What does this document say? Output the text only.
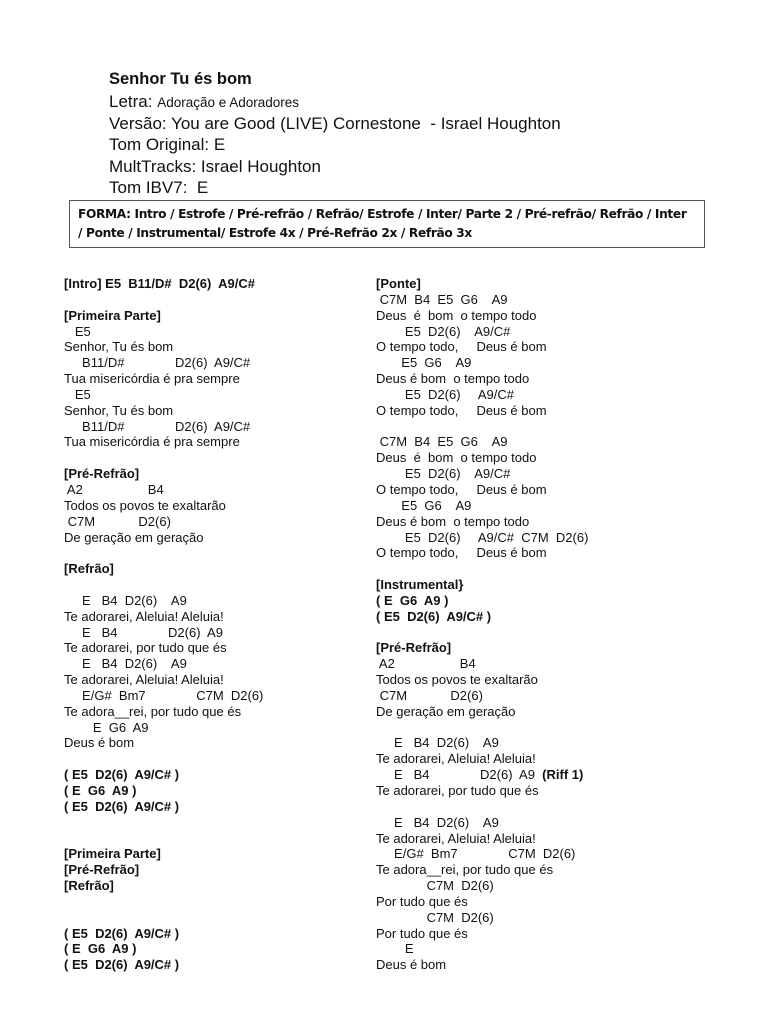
Senhor Tu és bom
Letra: Adoração e Adoradores
Versão: You are Good (LIVE) Cornestone  - Israel Houghton
Tom Original: E
MultTracks: Israel Houghton
Tom IBV7:  E
FORMA: Intro / Estrofe / Pré-refrão / Refrão/ Estrofe / Inter/ Parte 2 / Pré-refrão/ Refrão / Inter
/ Ponte / Instrumental/ Estrofe 4x / Pré-Refrão 2x / Refrão 3x
[Intro] E5  B11/D#  D2(6)  A9/C#
[Primeira Parte]
E5
Senhor, Tu és bom
B11/D#              D2(6)  A9/C#
Tua misericórdia é pra sempre
E5
Senhor, Tu és bom
B11/D#              D2(6)  A9/C#
Tua misericórdia é pra sempre
[Pré-Refrão]
A2                  B4
Todos os povos te exaltarão
C7M            D2(6)
De geração em geração
[Refrão]
E   B4  D2(6)    A9
Te adorarei, Aleluia! Aleluia!
E   B4              D2(6)  A9
Te adorarei, por tudo que és
E   B4  D2(6)    A9
Te adorarei, Aleluia! Aleluia!
E/G#  Bm7              C7M  D2(6)
Te adora__rei, por tudo que és
E  G6  A9
Deus é bom
( E5  D2(6)  A9/C# )
( E  G6  A9 )
( E5  D2(6)  A9/C# )
[Primeira Parte]
[Pré-Refrão]
[Refrão]
( E5  D2(6)  A9/C# )
( E  G6  A9 )
( E5  D2(6)  A9/C# )
[Ponte]
C7M  B4  E5  G6    A9
Deus  é  bom  o tempo todo
E5  D2(6)    A9/C#
O tempo todo,     Deus é bom
E5  G6    A9
Deus é bom  o tempo todo
E5  D2(6)     A9/C#
O tempo todo,     Deus é bom
C7M  B4  E5  G6    A9
Deus  é  bom  o tempo todo
E5  D2(6)    A9/C#
O tempo todo,     Deus é bom
E5  G6    A9
Deus é bom  o tempo todo
E5  D2(6)     A9/C#  C7M  D2(6)
O tempo todo,     Deus é bom
[Instrumental}
( E  G6  A9 )
( E5  D2(6)  A9/C# )
[Pré-Refrão]
A2                  B4
Todos os povos te exaltarão
C7M            D2(6)
De geração em geração
E   B4  D2(6)    A9
Te adorarei, Aleluia! Aleluia!
E   B4              D2(6)  A9  (Riff 1)
Te adorarei, por tudo que és
E   B4  D2(6)    A9
Te adorarei, Aleluia! Aleluia!
E/G#  Bm7              C7M  D2(6)
Te adora__rei, por tudo que és
C7M  D2(6)
Por tudo que és
C7M  D2(6)
Por tudo que és
E
Deus é bom
